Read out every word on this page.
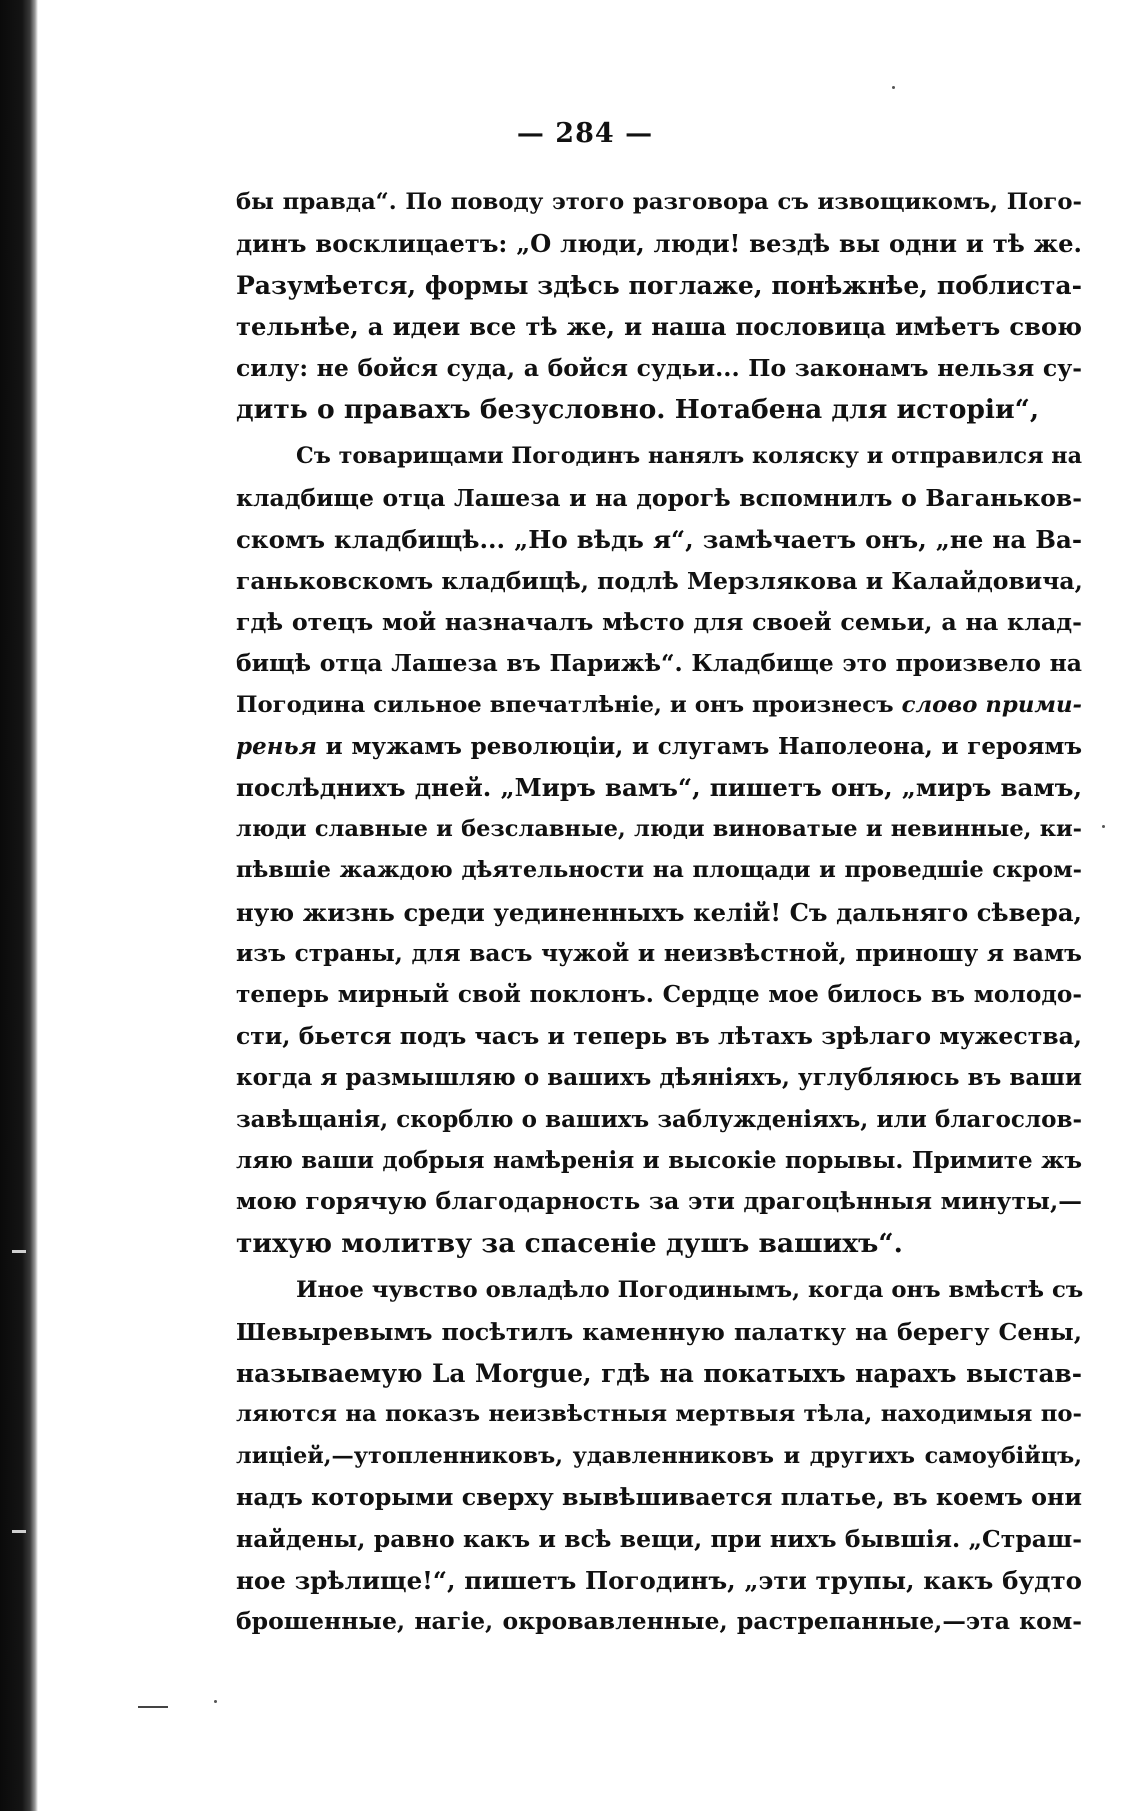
— 284 —
бы правда“. По поводу этого разговора съ извощикомъ, Пого-
динъ восклицаетъ: „О люди, люди! вездѣ вы одни и тѣ же.
Разумѣется, формы здѣсь поглаже, понѣжнѣе, поблиста-
тельнѣе, а идеи все тѣ же, и наша пословица имѣетъ свою
силу: не бойся суда, а бойся судьи... По законамъ нельзя су-
дить о правахъ безусловно. Нотабена для исторіи“,
Съ товарищами Погодинъ нанялъ коляску и отправился на
кладбище отца Лашеза и на дорогѣ вспомнилъ о Ваганьков-
скомъ кладбищѣ... „Но вѣдь я“, замѣчаетъ онъ, „не на Ва-
ганьковскомъ кладбищѣ, подлѣ Мерзлякова и Калайдовича,
гдѣ отецъ мой назначалъ мѣсто для своей семьи, а на клад-
бищѣ отца Лашеза въ Парижѣ“. Кладбище это произвело на
Погодина сильное впечатлѣніе, и онъ произнесъ слово прими-
ренья и мужамъ революціи, и слугамъ Наполеона, и героямъ
послѣднихъ дней. „Миръ вамъ“, пишетъ онъ, „миръ вамъ,
люди славные и безславные, люди виноватые и невинные, ки-
пѣвшіе жаждою дѣятельности на площади и проведшіе скром-
ную жизнь среди уединенныхъ келій! Съ дальняго сѣвера,
изъ страны, для васъ чужой и неизвѣстной, приношу я вамъ
теперь мирный свой поклонъ. Сердце мое билось въ молодо-
сти, бьется подъ часъ и теперь въ лѣтахъ зрѣлаго мужества,
когда я размышляю о вашихъ дѣяніяхъ, углубляюсь въ ваши
завѣщанія, скорблю о вашихъ заблужденіяхъ, или благослов-
ляю ваши добрыя намѣренія и высокіе порывы. Примите жъ
мою горячую благодарность за эти драгоцѣнныя минуты,—
тихую молитву за спасеніе душъ вашихъ“.
Иное чувство овладѣло Погодинымъ, когда онъ вмѣстѣ съ
Шевыревымъ посѣтилъ каменную палатку на берегу Сены,
называемую La Morgue, гдѣ на покатыхъ нарахъ выстав-
ляются на показъ неизвѣстныя мертвыя тѣла, находимыя по-
лиціей,—утопленниковъ, удавленниковъ и другихъ самоубійцъ,
надъ которыми сверху вывѣшивается платье, въ коемъ они
найдены, равно какъ и всѣ вещи, при нихъ бывшія. „Страш-
ное зрѣлище!“, пишетъ Погодинъ, „эти трупы, какъ будто
брошенные, нагіе, окровавленные, растрепанные,—эта ком-
